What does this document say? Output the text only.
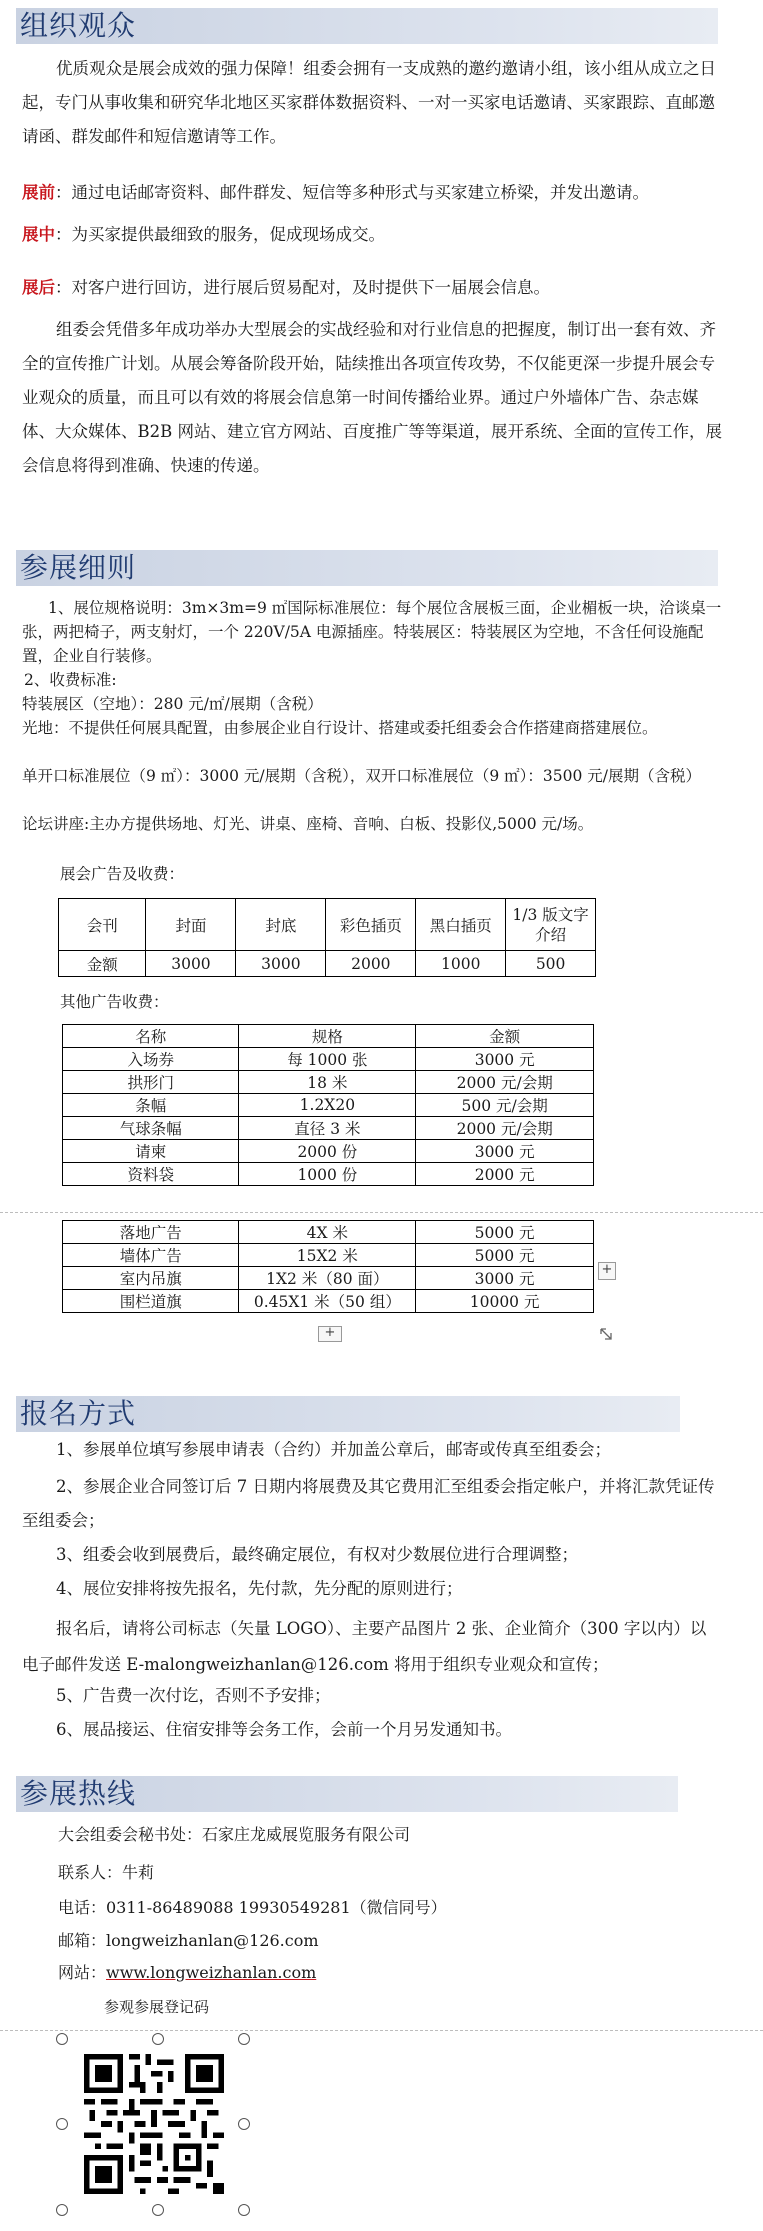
组织观众
优质观众是展会成效的强力保障！组委会拥有一支成熟的邀约邀请小组，该小组从成立之日起，专门从事收集和研究华北地区买家群体数据资料、一对一买家电话邀请、买家跟踪、直邮邀请函、群发邮件和短信邀请等工作。
展前：通过电话邮寄资料、邮件群发、短信等多种形式与买家建立桥梁，并发出邀请。
展中：为买家提供最细致的服务，促成现场成交。
展后：对客户进行回访，进行展后贸易配对，及时提供下一届展会信息。
组委会凭借多年成功举办大型展会的实战经验和对行业信息的把握度，制订出一套有效、齐全的宣传推广计划。从展会筹备阶段开始，陆续推出各项宣传攻势，不仅能更深一步提升展会专业观众的质量，而且可以有效的将展会信息第一时间传播给业界。通过户外墙体广告、杂志媒体、大众媒体、B2B 网站、建立官方网站、百度推广等等渠道，展开系统、全面的宣传工作，展会信息将得到准确、快速的传递。
参展细则
1、展位规格说明：3m×3m=9 ㎡国际标准展位：每个展位含展板三面，企业楣板一块，洽谈桌一张，两把椅子，两支射灯，一个 220V/5A 电源插座。特装展区：特装展区为空地，不含任何设施配置，企业自行装修。
2、收费标准:
特装展区（空地）：280 元/㎡/展期（含税）
光地：不提供任何展具配置，由参展企业自行设计、搭建或委托组委会合作搭建商搭建展位。
单开口标准展位（9 ㎡）：3000 元/展期（含税），双开口标准展位（9 ㎡）：3500 元/展期（含税）
论坛讲座:主办方提供场地、灯光、讲桌、座椅、音响、白板、投影仪,5000 元/场。
展会广告及收费：
会刊	封面	封底	彩色插页	黑白插页	1/3 版文字介绍
金额	3000	3000	2000	1000	500
其他广告收费：
名称	规格	金额
入场券	每 1000 张	3000 元
拱形门	18 米	2000 元/会期
条幅	1.2X20	500 元/会期
气球条幅	直径 3 米	2000 元/会期
请柬	2000 份	3000 元
资料袋	1000 份	2000 元
落地广告	4X 米	5000 元
墙体广告	15X2 米	5000 元
室内吊旗	1X2 米（80 面）	3000 元
围栏道旗	0.45X1 米（50 组）	10000 元
+
+
报名方式
1、参展单位填写参展申请表（合约）并加盖公章后，邮寄或传真至组委会；
2、参展企业合同签订后 7 日期内将展费及其它费用汇至组委会指定帐户，并将汇款凭证传至组委会；
3、组委会收到展费后，最终确定展位，有权对少数展位进行合理调整；
4、展位安排将按先报名，先付款，先分配的原则进行；
报名后，请将公司标志（矢量 LOGO）、主要产品图片 2 张、企业简介（300 字以内）以电子邮件发送 E-malongweizhanlan@126.com 将用于组织专业观众和宣传；
5、广告费一次付讫，否则不予安排；
6、展品接运、住宿安排等会务工作，会前一个月另发通知书。
参展热线
大会组委会秘书处：石家庄龙威展览服务有限公司
联系人：牛莉
电话：0311-86489088 19930549281（微信同号）
邮箱：longweizhanlan@126.com
网站：www.longweizhanlan.com
参观参展登记码
